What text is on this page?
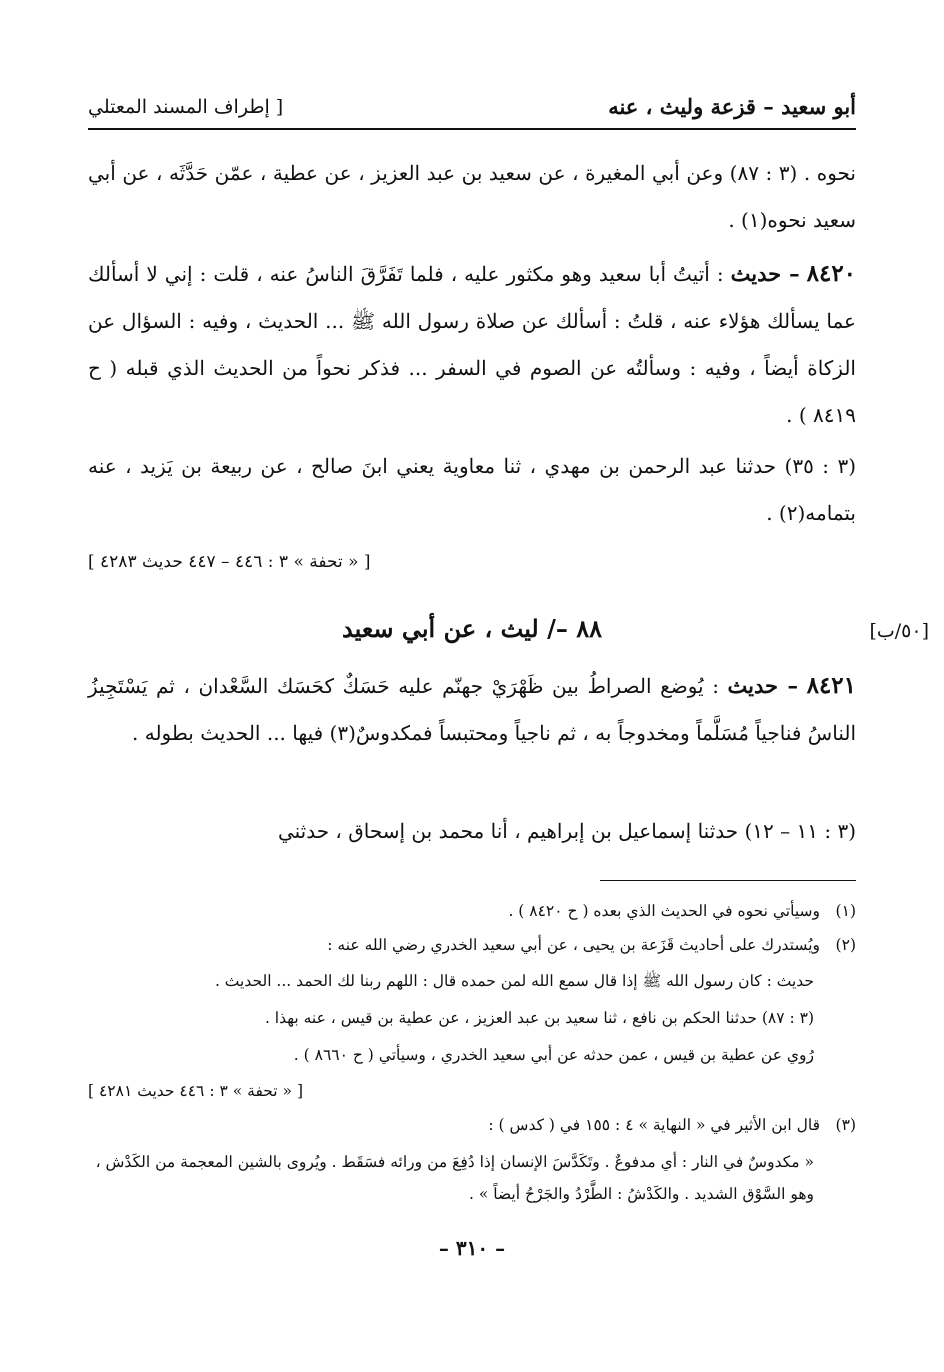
أبو سعيد – قزعة وليث ، عنه
[ إطراف المسند المعتلي
نحوه . (٣ : ٨٧) وعن أبي المغيرة ، عن سعيد بن عبد العزيز ، عن عطية ، عمّن حَدَّثَه ، عن أبي سعيد نحوه(١) .
٨٤٢٠ – حديث : أتيتُ أبا سعيد وهو مكثور عليه ، فلما تَفَرَّقَ الناسُ عنه ، قلت : إني لا أسألك عما يسألك هؤلاء عنه ، قلتُ : أسألك عن صلاة رسول الله ﷺ ... الحديث ، وفيه : السؤال عن الزكاة أيضاً ، وفيه : وسألتُه عن الصوم في السفر ... فذكر نحواً من الحديث الذي قبله ( ح ٨٤١٩ ) .
(٣ : ٣٥) حدثنا عبد الرحمن بن مهدي ، ثنا معاوية يعني ابنَ صالح ، عن ربيعة بن يَزيد ، عنه بتمامه(٢) .
[ « تحفة » ٣ : ٤٤٦ – ٤٤٧ حديث ٤٢٨٣ ]
[٥٠/ب]
٨٨ –/ ليث ، عن أبي سعيد
٨٤٢١ – حديث : يُوضع الصراطُ بين ظَهْرَيْ جهنّم عليه حَسَكٌ كحَسَك السَّعْدان ، ثم يَسْتَجِيزُ الناسُ فناجياً مُسَلَّماً ومخدوجاً به ، ثم ناجياً ومحتبساً فمكدوسٌ(٣) فيها ... الحديث بطوله .
(٣ : ١١ – ١٢) حدثنا إسماعيل بن إبراهيم ، أنا محمد بن إسحاق ، حدثني
(١)وسيأتي نحوه في الحديث الذي بعده ( ح ٨٤٢٠ ) .
(٢)ويُستدرك على أحاديث قَزَعة بن يحيى ، عن أبي سعيد الخدري رضي الله عنه :
حديث : كان رسول الله ﷺ إذا قال سمع الله لمن حمده قال : اللهم ربنا لك الحمد ... الحديث .
(٣ : ٨٧) حدثنا الحكم بن نافع ، ثنا سعيد بن عبد العزيز ، عن عطية بن قيس ، عنه بهذا .
رُوي عن عطية بن قيس ، عمن حدثه عن أبي سعيد الخدري ، وسيأتي ( ح ٨٦٦٠ ) .
[ « تحفة » ٣ : ٤٤٦ حديث ٤٢٨١ ]
(٣)قال ابن الأثير في « النهاية » ٤ : ١٥٥ في ( كدس ) :
« مكدوسٌ في النار : أي مدفوعٌ . وتَكَدَّسَ الإنسان إذا دُفِعَ من ورائه فسَقَط . ويُروى بالشين المعجمة من الكَدْش ، وهو السَّوْق الشديد . والكَدْشُ : الطَّرْدُ والجَرْحُ أيضاً » .
– ٣١٠ –
